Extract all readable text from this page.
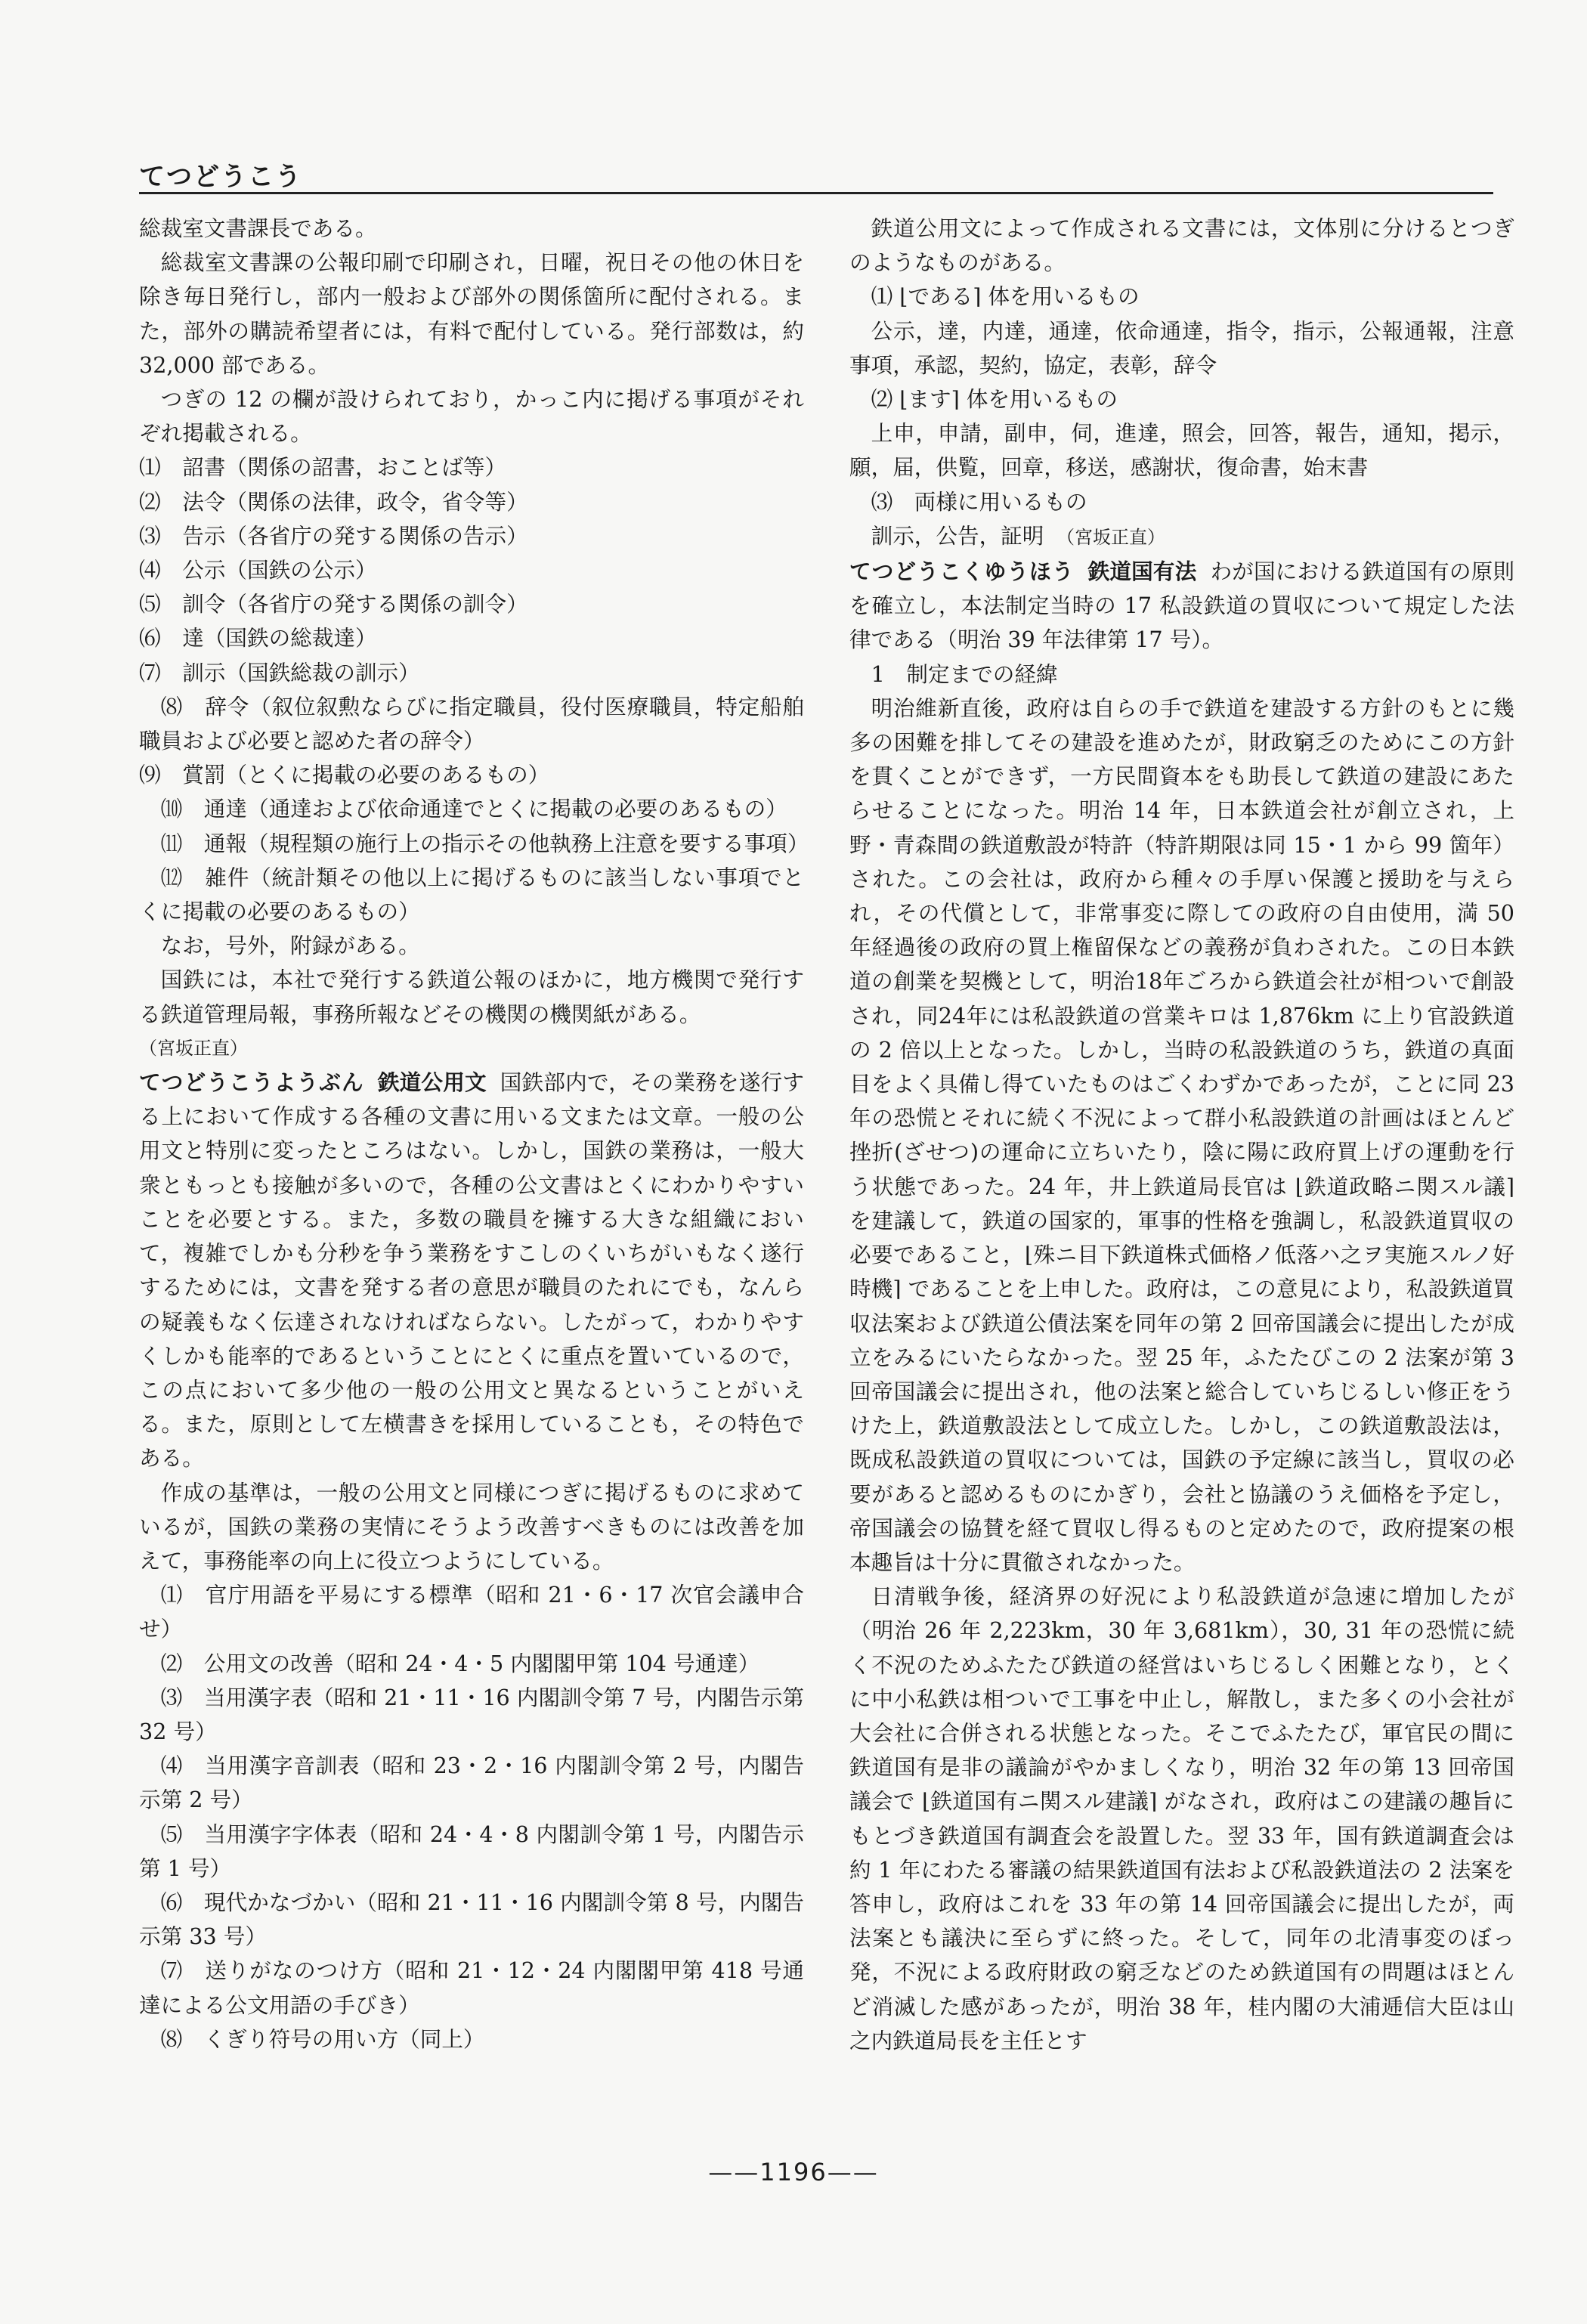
てつどうこう

総裁室文書課長である。

総裁室文書課の公報印刷で印刷され，日曜，祝日その他の休日を除き毎日発行し，部内一般および部外の関係箇所に配付される。また，部外の購読希望者には，有料で配付している。発行部数は，約 32,000 部である。

つぎの 12 の欄が設けられており，かっこ内に掲げる事項がそれぞれ掲載される。

⑴　詔書（関係の詔書，おことば等）

⑵　法令（関係の法律，政令，省令等）

⑶　告示（各省庁の発する関係の告示）

⑷　公示（国鉄の公示）

⑸　訓令（各省庁の発する関係の訓令）

⑹　達（国鉄の総裁達）

⑺　訓示（国鉄総裁の訓示）

⑻　辞令（叙位叙勲ならびに指定職員，役付医療職員，特定船舶職員および必要と認めた者の辞令）

⑼　賞罰（とくに掲載の必要のあるもの）

⑽　通達（通達および依命通達でとくに掲載の必要のあるもの）

⑾　通報（規程類の施行上の指示その他執務上注意を要する事項）

⑿　雑件（統計類その他以上に掲げるものに該当しない事項でとくに掲載の必要のあるもの）

なお，号外，附録がある。

国鉄には，本社で発行する鉄道公報のほかに，地方機関で発行する鉄道管理局報，事務所報などその機関の機関紙がある。

（宮坂正直）

てつどうこうようぶん 鉄道公用文 国鉄部内で，その業務を遂行する上において作成する各種の文書に用いる文または文章。一般の公用文と特別に変ったところはない。しかし，国鉄の業務は，一般大衆ともっとも接触が多いので，各種の公文書はとくにわかりやすいことを必要とする。また，多数の職員を擁する大きな組織において，複雑でしかも分秒を争う業務をすこしのくいちがいもなく遂行するためには，文書を発する者の意思が職員のたれにでも，なんらの疑義もなく伝達されなければならない。したがって，わかりやすくしかも能率的であるということにとくに重点を置いているので，この点において多少他の一般の公用文と異なるということがいえる。また，原則として左横書きを採用していることも，その特色である。

作成の基準は，一般の公用文と同様につぎに掲げるものに求めているが，国鉄の業務の実情にそうよう改善すべきものには改善を加えて，事務能率の向上に役立つようにしている。

⑴　官庁用語を平易にする標準（昭和 21・6・17 次官会議申合せ）

⑵　公用文の改善（昭和 24・4・5 内閣閣甲第 104 号通達）

⑶　当用漢字表（昭和 21・11・16 内閣訓令第 7 号，内閣告示第 32 号）

⑷　当用漢字音訓表（昭和 23・2・16 内閣訓令第 2 号，内閣告示第 2 号）

⑸　当用漢字字体表（昭和 24・4・8 内閣訓令第 1 号，内閣告示第 1 号）

⑹　現代かなづかい（昭和 21・11・16 内閣訓令第 8 号，内閣告示第 33 号）

⑺　送りがなのつけ方（昭和 21・12・24 内閣閣甲第 418 号通達による公文用語の手びき）

⑻　くぎり符号の用い方（同上）

鉄道公用文によって作成される文書には，文体別に分けるとつぎのようなものがある。

⑴ ⌊である⌉ 体を用いるもの

公示，達，内達，通達，依命通達，指令，指示，公報通報，注意事項，承認，契約，協定，表彰，辞令

⑵ ⌊ます⌉ 体を用いるもの

上申，申請，副申，伺，進達，照会，回答，報告，通知，掲示，願，届，供覧，回章，移送，感謝状，復命書，始末書

⑶　両様に用いるもの

訓示，公告，証明　 （宮坂正直）

てつどうこくゆうほう 鉄道国有法 わが国における鉄道国有の原則を確立し，本法制定当時の 17 私設鉄道の買収について規定した法律である（明治 39 年法律第 17 号）。

1　制定までの経緯

明治維新直後，政府は自らの手で鉄道を建設する方針のもとに幾多の困難を排してその建設を進めたが，財政窮乏のためにこの方針を貫くことができず，一方民間資本をも助長して鉄道の建設にあたらせることになった。明治 14 年，日本鉄道会社が創立され，上野・青森間の鉄道敷設が特許（特許期限は同 15・1 から 99 箇年）された。この会社は，政府から種々の手厚い保護と援助を与えられ，その代償として，非常事変に際しての政府の自由使用，満 50 年経過後の政府の買上権留保などの義務が負わされた。この日本鉄道の創業を契機として，明治18年ごろから鉄道会社が相ついで創設され，同24年には私設鉄道の営業キロは 1,876km に上り官設鉄道の 2 倍以上となった。しかし，当時の私設鉄道のうち，鉄道の真面目をよく具備し得ていたものはごくわずかであったが，ことに同 23 年の恐慌とそれに続く不況によって群小私設鉄道の計画はほとんど挫折(ざせつ)の運命に立ちいたり，陰に陽に政府買上げの運動を行う状態であった。24 年，井上鉄道局長官は ⌊鉄道政略ニ関スル議⌉ を建議して，鉄道の国家的，軍事的性格を強調し，私設鉄道買収の必要であること，⌊殊ニ目下鉄道株式価格ノ低落ハ之ヲ実施スルノ好時機⌉ であることを上申した。政府は，この意見により，私設鉄道買収法案および鉄道公債法案を同年の第 2 回帝国議会に提出したが成立をみるにいたらなかった。翌 25 年，ふたたびこの 2 法案が第 3 回帝国議会に提出され，他の法案と総合していちじるしい修正をうけた上，鉄道敷設法として成立した。しかし，この鉄道敷設法は，既成私設鉄道の買収については，国鉄の予定線に該当し，買収の必要があると認めるものにかぎり，会社と協議のうえ価格を予定し，帝国議会の協賛を経て買収し得るものと定めたので，政府提案の根本趣旨は十分に貫徹されなかった。

日清戦争後，経済界の好況により私設鉄道が急速に増加したが（明治 26 年 2,223km，30 年 3,681km），30, 31 年の恐慌に続く不況のためふたたび鉄道の経営はいちじるしく困難となり，とくに中小私鉄は相ついで工事を中止し，解散し，また多くの小会社が大会社に合併される状態となった。そこでふたたび，軍官民の間に鉄道国有是非の議論がやかましくなり，明治 32 年の第 13 回帝国議会で ⌊鉄道国有ニ関スル建議⌉ がなされ，政府はこの建議の趣旨にもとづき鉄道国有調査会を設置した。翌 33 年，国有鉄道調査会は約 1 年にわたる審議の結果鉄道国有法および私設鉄道法の 2 法案を答申し，政府はこれを 33 年の第 14 回帝国議会に提出したが，両法案とも議決に至らずに終った。そして，同年の北清事変のぼっ発，不況による政府財政の窮乏などのため鉄道国有の問題はほとんど消滅した感があったが，明治 38 年，桂内閣の大浦逓信大臣は山之内鉄道局長を主任とす

——1196——
